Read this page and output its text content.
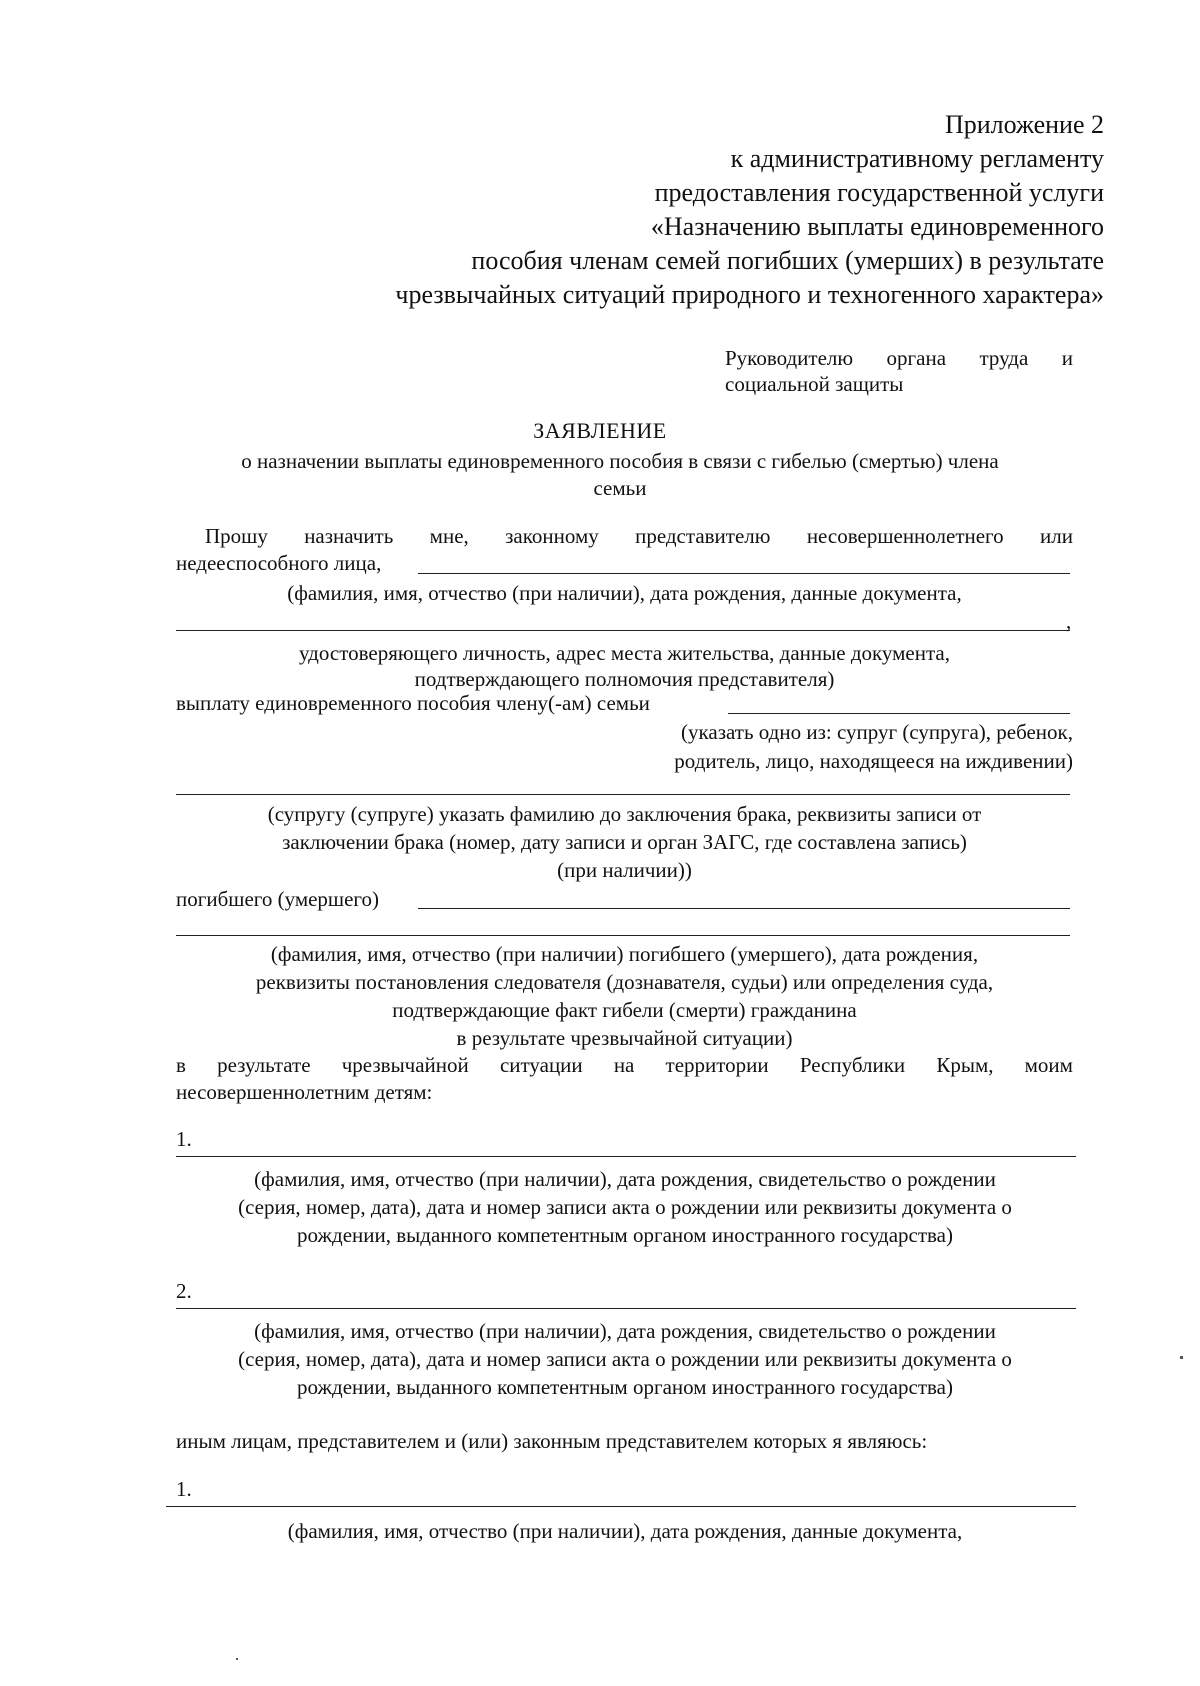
Приложение 2
к административному регламенту
предоставления государственной услуги
«Назначению выплаты единовременного
пособия членам семей погибших (умерших) в результате
чрезвычайных ситуаций природного и техногенного характера»
Руководителю органа труда и
социальной защиты
ЗАЯВЛЕНИЕ
о назначении выплаты единовременного пособия в связи с гибелью (смертью) члена
семьи
Прошу назначить мне, законному представителю несовершеннолетнего или
недееспособного лица,
(фамилия, имя, отчество (при наличии), дата рождения, данные документа,
,
удостоверяющего личность, адрес места жительства, данные документа,
подтверждающего полномочия представителя)
выплату единовременного пособия члену(-ам) семьи
(указать одно из: супруг (супруга), ребенок,
родитель, лицо, находящееся на иждивении)
(супругу (супруге) указать фамилию до заключения брака, реквизиты записи от
заключении брака (номер, дату записи и орган ЗАГС, где составлена запись)
(при наличии))
погибшего (умершего)
(фамилия, имя, отчество (при наличии) погибшего (умершего), дата рождения,
реквизиты постановления следователя (дознавателя, судьи) или определения суда,
подтверждающие факт гибели (смерти) гражданина
в результате чрезвычайной ситуации)
в результате чрезвычайной ситуации на территории Республики Крым, моим
несовершеннолетним детям:
1.
(фамилия, имя, отчество (при наличии), дата рождения, свидетельство о рождении
(серия, номер, дата), дата и номер записи акта о рождении или реквизиты документа о
рождении, выданного компетентным органом иностранного государства)
2.
(фамилия, имя, отчество (при наличии), дата рождения, свидетельство о рождении
(серия, номер, дата), дата и номер записи акта о рождении или реквизиты документа о
рождении, выданного компетентным органом иностранного государства)
иным лицам, представителем и (или) законным представителем которых я являюсь:
1.
(фамилия, имя, отчество (при наличии), дата рождения, данные документа,
